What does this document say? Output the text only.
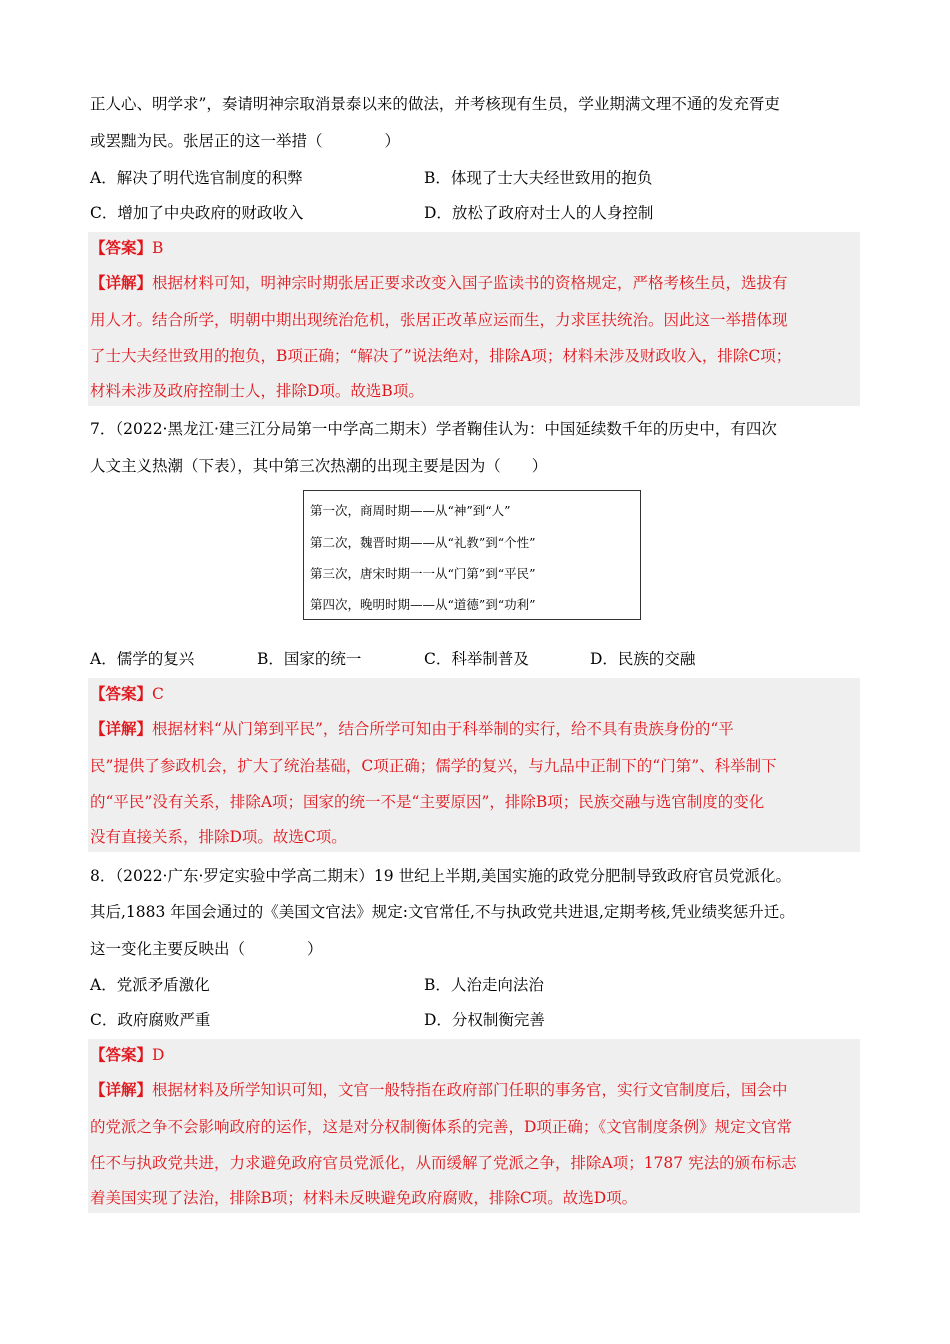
正人心、明学求”，奏请明神宗取消景泰以来的做法，并考核现有生员，学业期满文理不通的发充胥吏
或罢黜为民。张居正的这一举措（　　　　）
A．解决了明代选官制度的积弊	B．体现了士大夫经世致用的抱负
C．增加了中央政府的财政收入	D．放松了政府对士人的人身控制
【答案】B
【详解】根据材料可知，明神宗时期张居正要求改变入国子监读书的资格规定，严格考核生员，选拔有
用人才。结合所学，明朝中期出现统治危机，张居正改革应运而生，力求匡扶统治。因此这一举措体现
了士大夫经世致用的抱负，B项正确；“解决了”说法绝对，排除A项；材料未涉及财政收入，排除C项；
材料未涉及政府控制士人，排除D项。故选B项。
7．（2022·黑龙江·建三江分局第一中学高二期末）学者鞠佳认为：中国延续数千年的历史中，有四次
人文主义热潮（下表），其中第三次热潮的出现主要是因为（　　）
第一次，商周时期——从“神”到“人”
第二次，魏晋时期——从“礼教”到“个性”
第三次，唐宋时期一一从“门第”到“平民”
第四次，晚明时期——从“道德”到“功利”
A．儒学的复兴	B．国家的统一	C．科举制普及	D．民族的交融
【答案】C
【详解】根据材料“从门第到平民”，结合所学可知由于科举制的实行，给不具有贵族身份的“平
民”提供了参政机会，扩大了统治基础，C项正确；儒学的复兴，与九品中正制下的“门第”、科举制下
的“平民”没有关系，排除A项；国家的统一不是“主要原因”，排除B项；民族交融与选官制度的变化
没有直接关系，排除D项。故选C项。
8．（2022·广东·罗定实验中学高二期末）19 世纪上半期,美国实施的政党分肥制导致政府官员党派化。
其后,1883 年国会通过的《美国文官法》规定:文官常任,不与执政党共进退,定期考核,凭业绩奖惩升迁。
这一变化主要反映出（　　　　）
A．党派矛盾激化	B．人治走向法治
C．政府腐败严重	D．分权制衡完善
【答案】D
【详解】根据材料及所学知识可知，文官一般特指在政府部门任职的事务官，实行文官制度后，国会中
的党派之争不会影响政府的运作，这是对分权制衡体系的完善，D项正确；《文官制度条例》规定文官常
任不与执政党共进，力求避免政府官员党派化，从而缓解了党派之争，排除A项；1787 宪法的颁布标志
着美国实现了法治，排除B项；材料未反映避免政府腐败，排除C项。故选D项。
